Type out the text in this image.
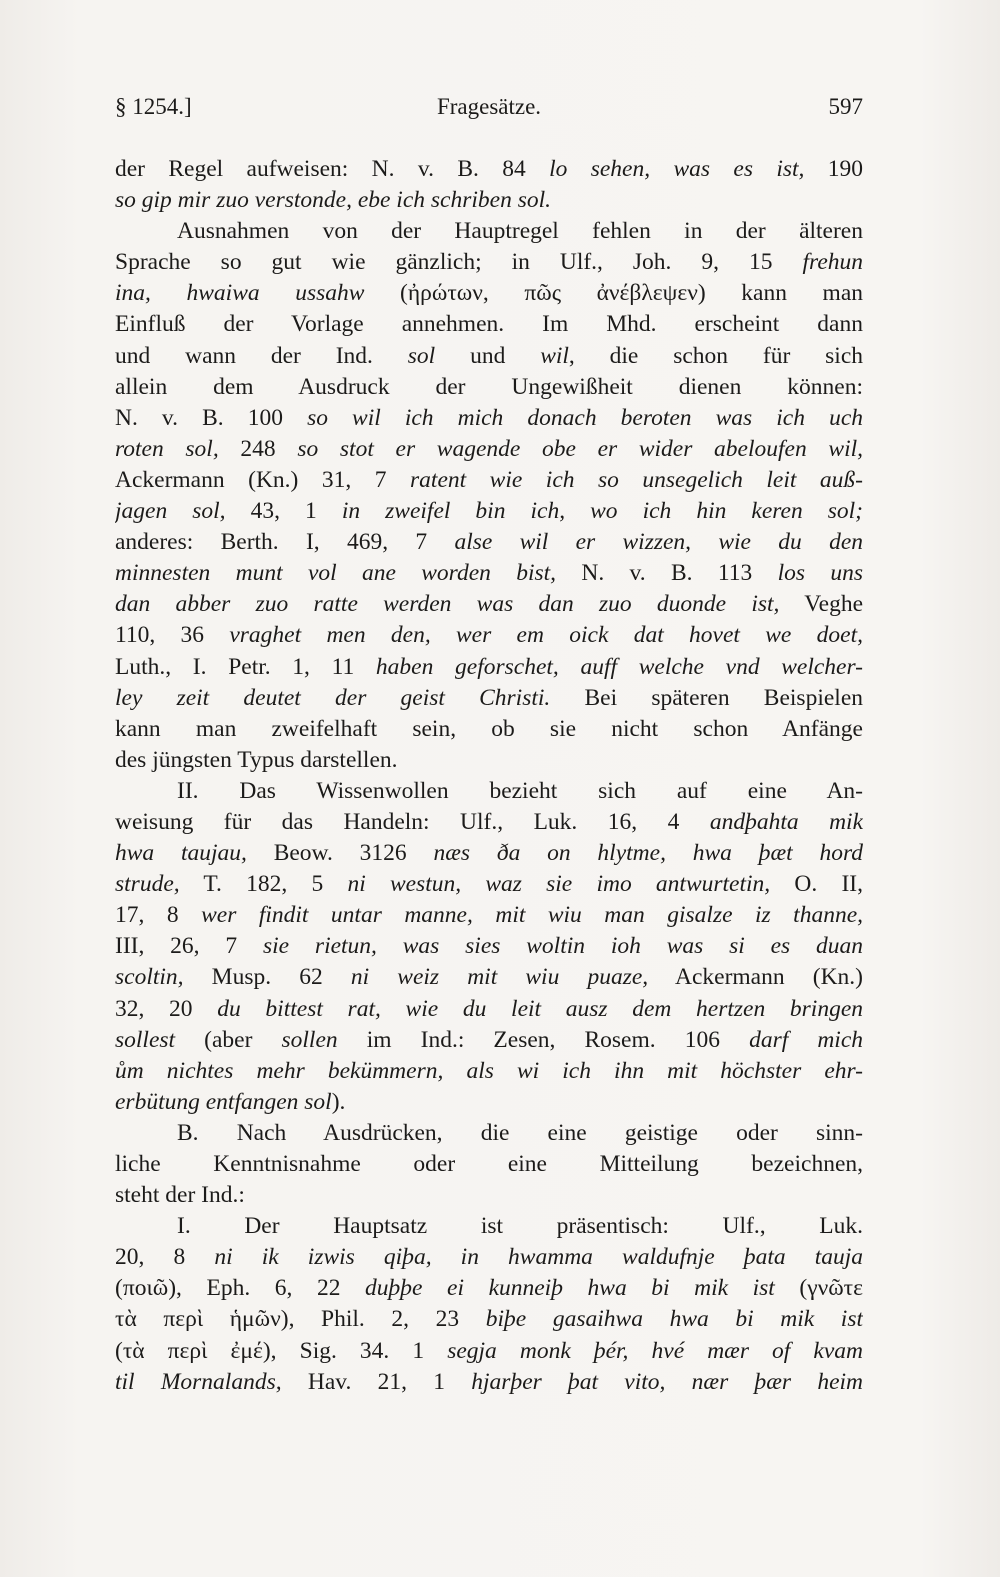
§ 1254.]	Fragesätze.	597
der Regel aufweisen: N. v. B. 84 lo sehen, was es ist, 190
so gip mir zuo verstonde, ebe ich schriben sol.
Ausnahmen von der Hauptregel fehlen in der älteren
Sprache so gut wie gänzlich; in Ulf., Joh. 9, 15 frehun
ina, hwaiwa ussahw (ἠρώτων, πῶς ἀνέβλεψεν) kann man
Einfluß der Vorlage annehmen. Im Mhd. erscheint dann
und wann der Ind. sol und wil, die schon für sich
allein dem Ausdruck der Ungewißheit dienen können:
N. v. B. 100 so wil ich mich donach beroten was ich uch
roten sol, 248 so stot er wagende obe er wider abeloufen wil,
Ackermann (Kn.) 31, 7 ratent wie ich so unsegelich leit auß-
jagen sol, 43, 1 in zweifel bin ich, wo ich hin keren sol;
anderes: Berth. I, 469, 7 alse wil er wizzen, wie du den
minnesten munt vol ane worden bist, N. v. B. 113 los uns
dan abber zuo ratte werden was dan zuo duonde ist, Veghe
110, 36 vraghet men den, wer em oick dat hovet we doet,
Luth., I. Petr. 1, 11 haben geforschet, auff welche vnd welcher-
ley zeit deutet der geist Christi. Bei späteren Beispielen
kann man zweifelhaft sein, ob sie nicht schon Anfänge
des jüngsten Typus darstellen.
II. Das Wissenwollen bezieht sich auf eine An-
weisung für das Handeln: Ulf., Luk. 16, 4 andþahta mik
hwa taujau, Beow. 3126 næs ða on hlytme, hwa þæt hord
strude, T. 182, 5 ni westun, waz sie imo antwurtetin, O. II,
17, 8 wer findit untar manne, mit wiu man gisalze iz thanne,
III, 26, 7 sie rietun, was sies woltin ioh was si es duan
scoltin, Musp. 62 ni weiz mit wiu puaze, Ackermann (Kn.)
32, 20 du bittest rat, wie du leit ausz dem hertzen bringen
sollest (aber sollen im Ind.: Zesen, Rosem. 106 darf mich
ům nichtes mehr bekümmern, als wi ich ihn mit höchster ehr-
erbütung entfangen sol).
B. Nach Ausdrücken, die eine geistige oder sinn-
liche Kenntnisnahme oder eine Mitteilung bezeichnen,
steht der Ind.:
I. Der Hauptsatz ist präsentisch: Ulf., Luk.
20, 8 ni ik izwis qiþa, in hwamma waldufnje þata tauja
(ποιῶ), Eph. 6, 22 duþþe ei kunneiþ hwa bi mik ist (γνῶτε
τὰ περὶ ἡμῶν), Phil. 2, 23 biþe gasaihwa hwa bi mik ist
(τὰ περὶ ἐμέ), Sig. 34. 1 segja monk þér, hvé mær of kvam
til Mornalands, Hav. 21, 1 hjarþer þat vito, nær þær heim
